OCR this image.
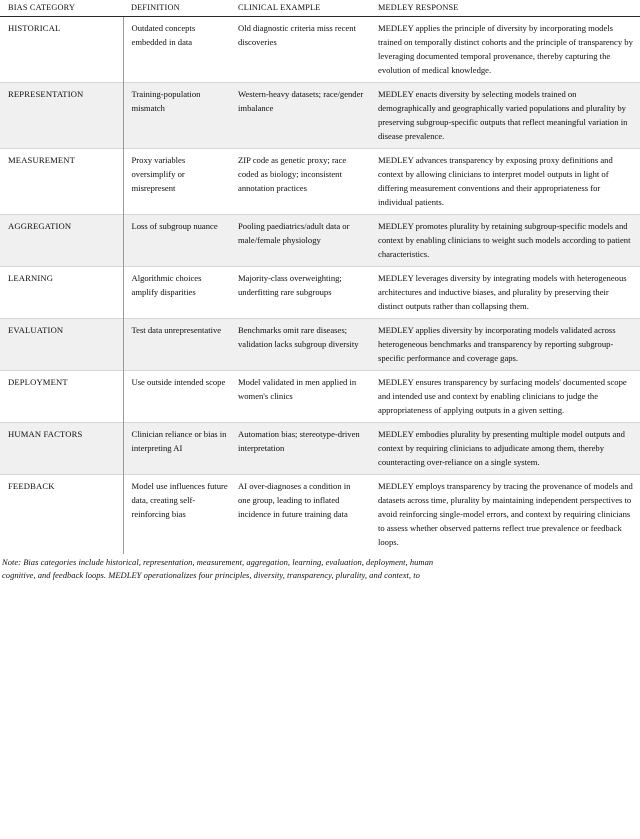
BIAS CATEGORY	DEFINITION	CLINICAL EXAMPLE	MEDLEY RESPONSE
HISTORICAL	Outdated concepts embedded in data	Old diagnostic criteria miss recent discoveries	MEDLEY applies the principle of diversity by incorporating models trained on temporally distinct cohorts and the principle of transparency by leveraging documented temporal provenance, thereby capturing the evolution of medical knowledge.
REPRESENTATION	Training-population mismatch	Western-heavy datasets; race/gender imbalance	MEDLEY enacts diversity by selecting models trained on demographically and geographically varied populations and plurality by preserving subgroup-specific outputs that reflect meaningful variation in disease prevalence.
MEASUREMENT	Proxy variables oversimplify or misrepresent	ZIP code as genetic proxy; race coded as biology; inconsistent annotation practices	MEDLEY advances transparency by exposing proxy definitions and context by allowing clinicians to interpret model outputs in light of differing measurement conventions and their appropriateness for individual patients.
AGGREGATION	Loss of subgroup nuance	Pooling paediatrics/adult data or male/female physiology	MEDLEY promotes plurality by retaining subgroup-specific models and context by enabling clinicians to weight such models according to patient characteristics.
LEARNING	Algorithmic choices amplify disparities	Majority-class overweighting; underfitting rare subgroups	MEDLEY leverages diversity by integrating models with heterogeneous architectures and inductive biases, and plurality by preserving their distinct outputs rather than collapsing them.
EVALUATION	Test data unrepresentative	Benchmarks omit rare diseases; validation lacks subgroup diversity	MEDLEY applies diversity by incorporating models validated across heterogeneous benchmarks and transparency by reporting subgroup-specific performance and coverage gaps.
DEPLOYMENT	Use outside intended scope	Model validated in men applied in women's clinics	MEDLEY ensures transparency by surfacing models' documented scope and intended use and context by enabling clinicians to judge the appropriateness of applying outputs in a given setting.
HUMAN FACTORS	Clinician reliance or bias in interpreting AI	Automation bias; stereotype-driven interpretation	MEDLEY embodies plurality by presenting multiple model outputs and context by requiring clinicians to adjudicate among them, thereby counteracting over-reliance on a single system.
FEEDBACK	Model use influences future data, creating self-reinforcing bias	AI over-diagnoses a condition in one group, leading to inflated incidence in future training data	MEDLEY employs transparency by tracing the provenance of models and datasets across time, plurality by maintaining independent perspectives to avoid reinforcing single-model errors, and context by requiring clinicians to assess whether observed patterns reflect true prevalence or feedback loops.
Note: Bias categories include historical, representation, measurement, aggregation, learning, evaluation, deployment, human
cognitive, and feedback loops. MEDLEY operationalizes four principles, diversity, transparency, plurality, and context, to
